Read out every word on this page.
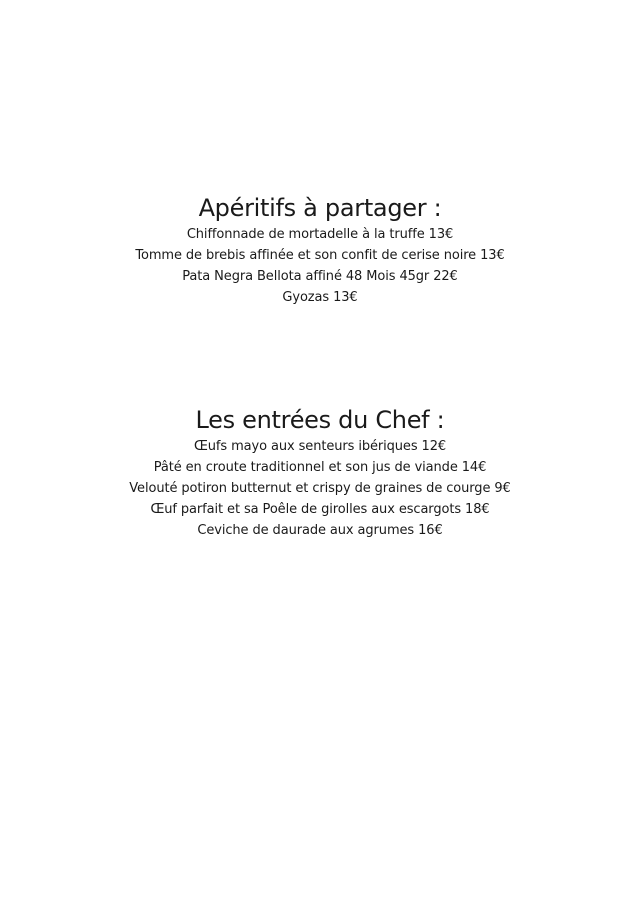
Apéritifs à partager :
Chiffonnade de mortadelle à la truffe 13€
Tomme de brebis affinée et son confit de cerise noire 13€
Pata Negra Bellota affiné 48 Mois 45gr 22€
Gyozas 13€
Les entrées du Chef :
Œufs mayo aux senteurs ibériques 12€
Pâté en croute traditionnel et son jus de viande 14€
Velouté potiron butternut et crispy de graines de courge 9€
Œuf parfait et sa Poêle de girolles aux escargots 18€
Ceviche de daurade aux agrumes 16€
